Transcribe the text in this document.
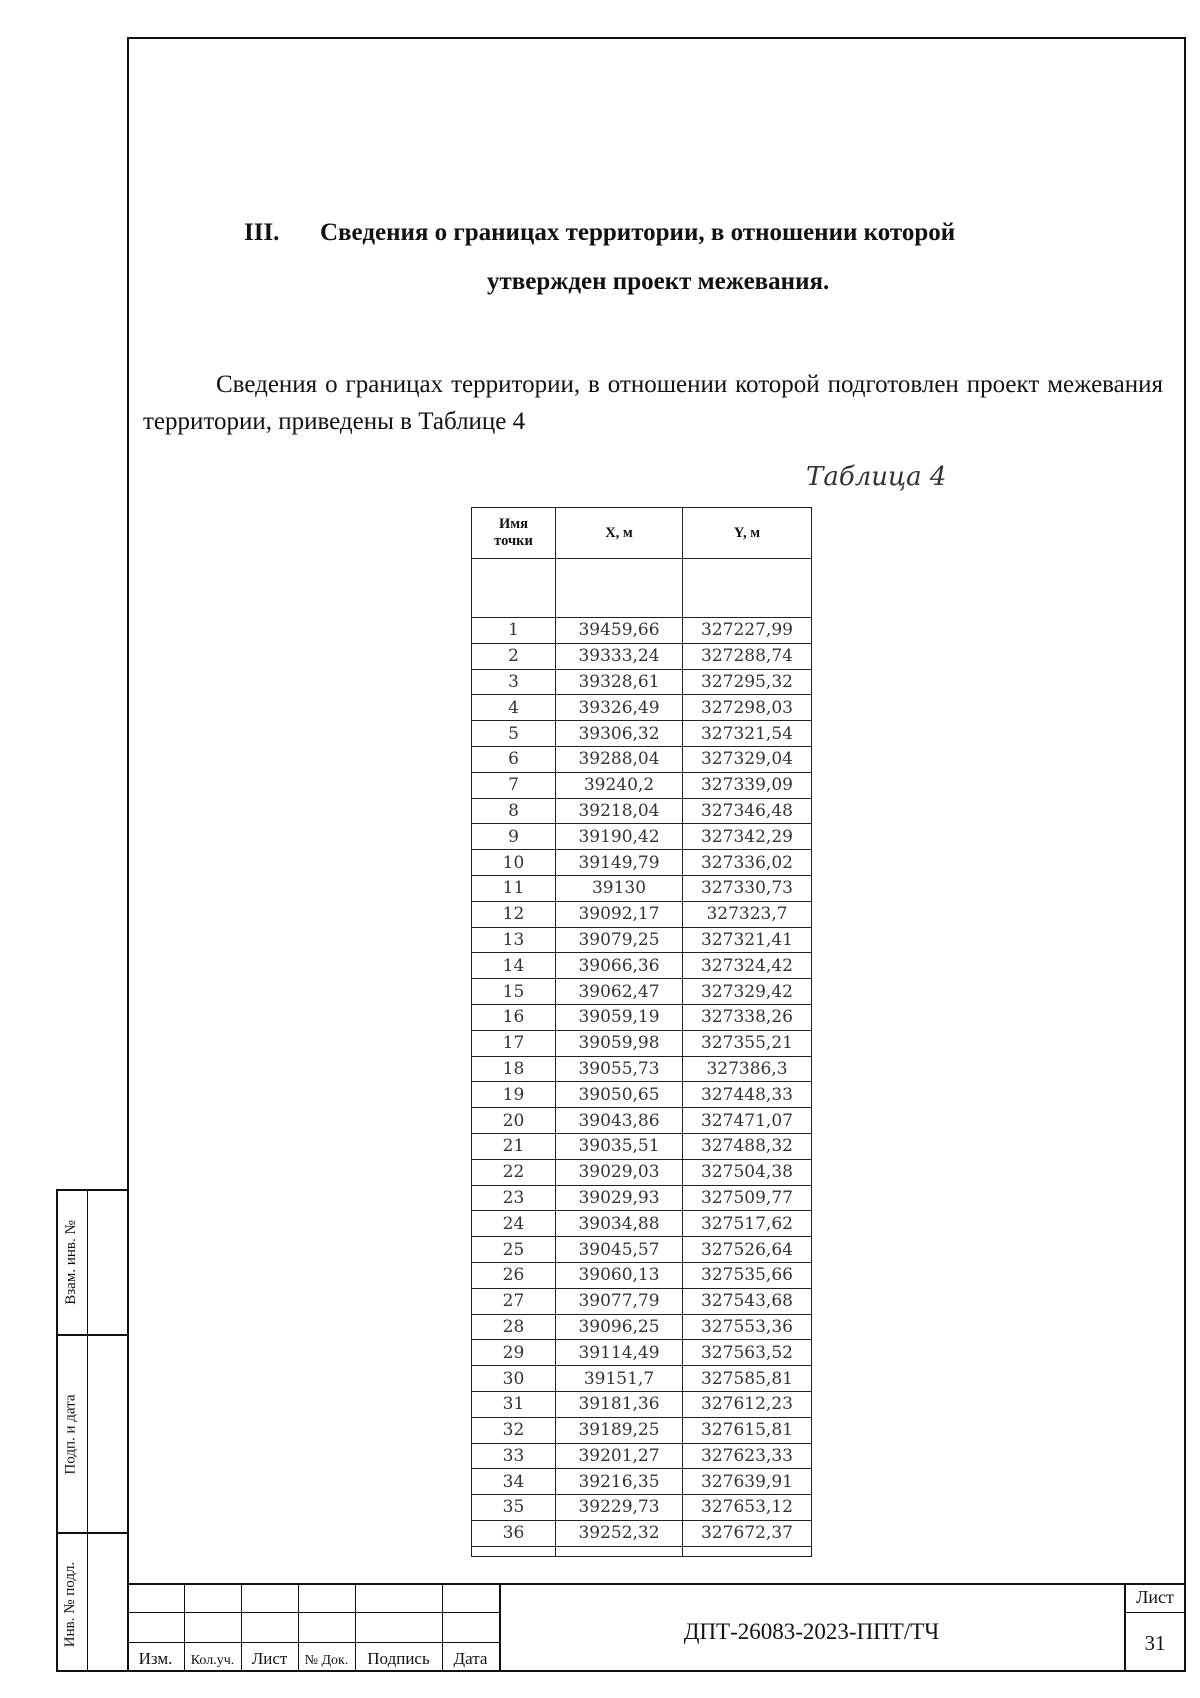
Взам. инв. №
Подп. и дата
Инв. № подл.
III. Сведения о границах территории, в отношении которой
утвержден проект межевания.
Сведения о границах территории, в отношении которой подготовлен проект межевания территории, приведены в Таблице 4
Таблица 4
Имя точки	X, м	Y, м

1	39459,66	327227,99
2	39333,24	327288,74
3	39328,61	327295,32
4	39326,49	327298,03
5	39306,32	327321,54
6	39288,04	327329,04
7	39240,2	327339,09
8	39218,04	327346,48
9	39190,42	327342,29
10	39149,79	327336,02
11	39130	327330,73
12	39092,17	327323,7
13	39079,25	327321,41
14	39066,36	327324,42
15	39062,47	327329,42
16	39059,19	327338,26
17	39059,98	327355,21
18	39055,73	327386,3
19	39050,65	327448,33
20	39043,86	327471,07
21	39035,51	327488,32
22	39029,03	327504,38
23	39029,93	327509,77
24	39034,88	327517,62
25	39045,57	327526,64
26	39060,13	327535,66
27	39077,79	327543,68
28	39096,25	327553,36
29	39114,49	327563,52
30	39151,7	327585,81
31	39181,36	327612,23
32	39189,25	327615,81
33	39201,27	327623,33
34	39216,35	327639,91
35	39229,73	327653,12
36	39252,32	327672,37

Изм.	Кол.уч.	Лист	№ Док.	Подпись	Дата
ДПТ-26083-2023-ППТ/ТЧ
Лист
31
